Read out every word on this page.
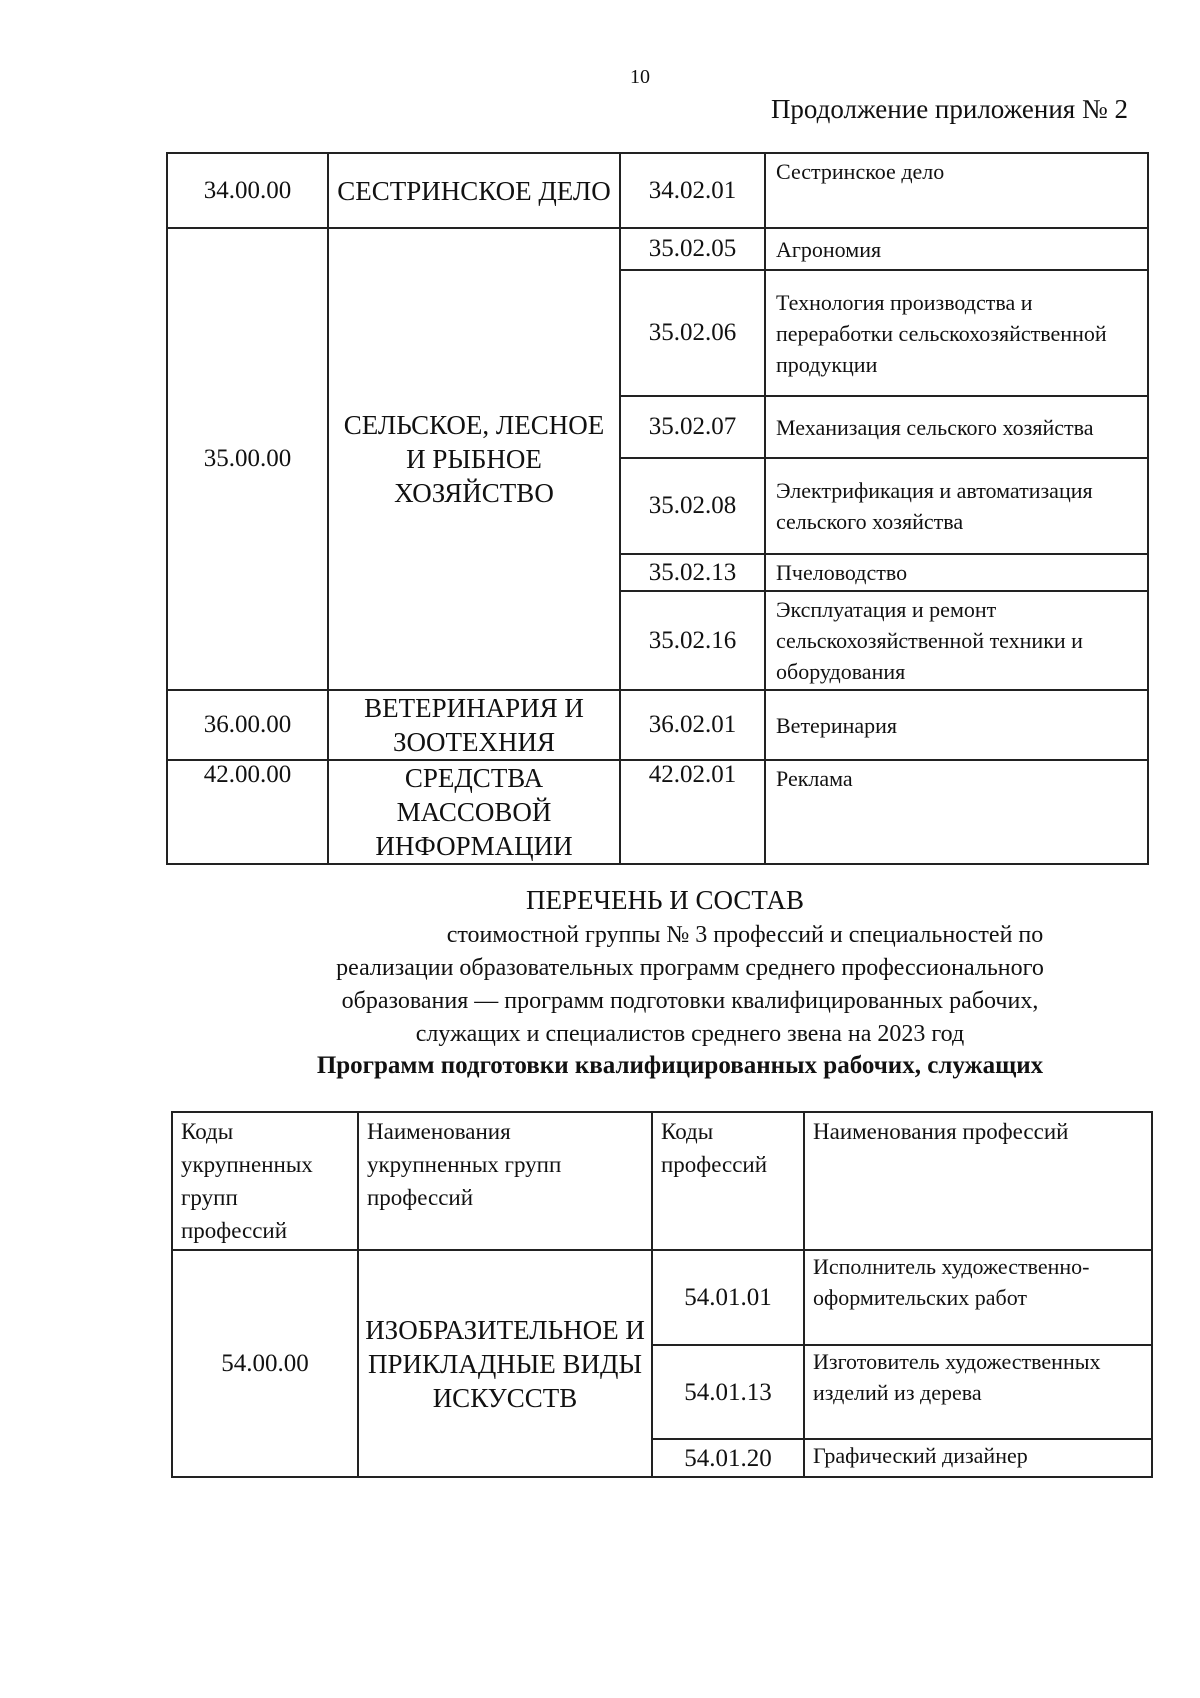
10
Продолжение приложения № 2
34.00.00	СЕСТРИНСКОЕ ДЕЛО	34.02.01	Сестринское дело
35.00.00	СЕЛЬСКОЕ, ЛЕСНОЕ И РЫБНОЕ ХОЗЯЙСТВО	35.02.05	Агрономия
		35.02.06	Технология производства и переработки сельскохозяйственной продукции
		35.02.07	Механизация сельского хозяйства
		35.02.08	Электрификация и автоматизация сельского хозяйства
		35.02.13	Пчеловодство
		35.02.16	Эксплуатация и ремонт сельскохозяйственной техники и оборудования
36.00.00	ВЕТЕРИНАРИЯ И ЗООТЕХНИЯ	36.02.01	Ветеринария
42.00.00	СРЕДСТВА МАССОВОЙ ИНФОРМАЦИИ	42.02.01	Реклама
ПЕРЕЧЕНЬ И СОСТАВ
стоимостной группы № 3 профессий и специальностей по
реализации образовательных программ среднего профессионального
образования — программ подготовки квалифицированных рабочих,
служащих и специалистов среднего звена на 2023 год
Программ подготовки квалифицированных рабочих, служащих
Коды укрупненных групп профессий	Наименования укрупненных групп профессий	Коды профессий	Наименования профессий
54.00.00	ИЗОБРАЗИТЕЛЬНОЕ И ПРИКЛАДНЫЕ ВИДЫ ИСКУССТВ	54.01.01	Исполнитель художественно-оформительских работ
		54.01.13	Изготовитель художественных изделий из дерева
		54.01.20	Графический дизайнер
